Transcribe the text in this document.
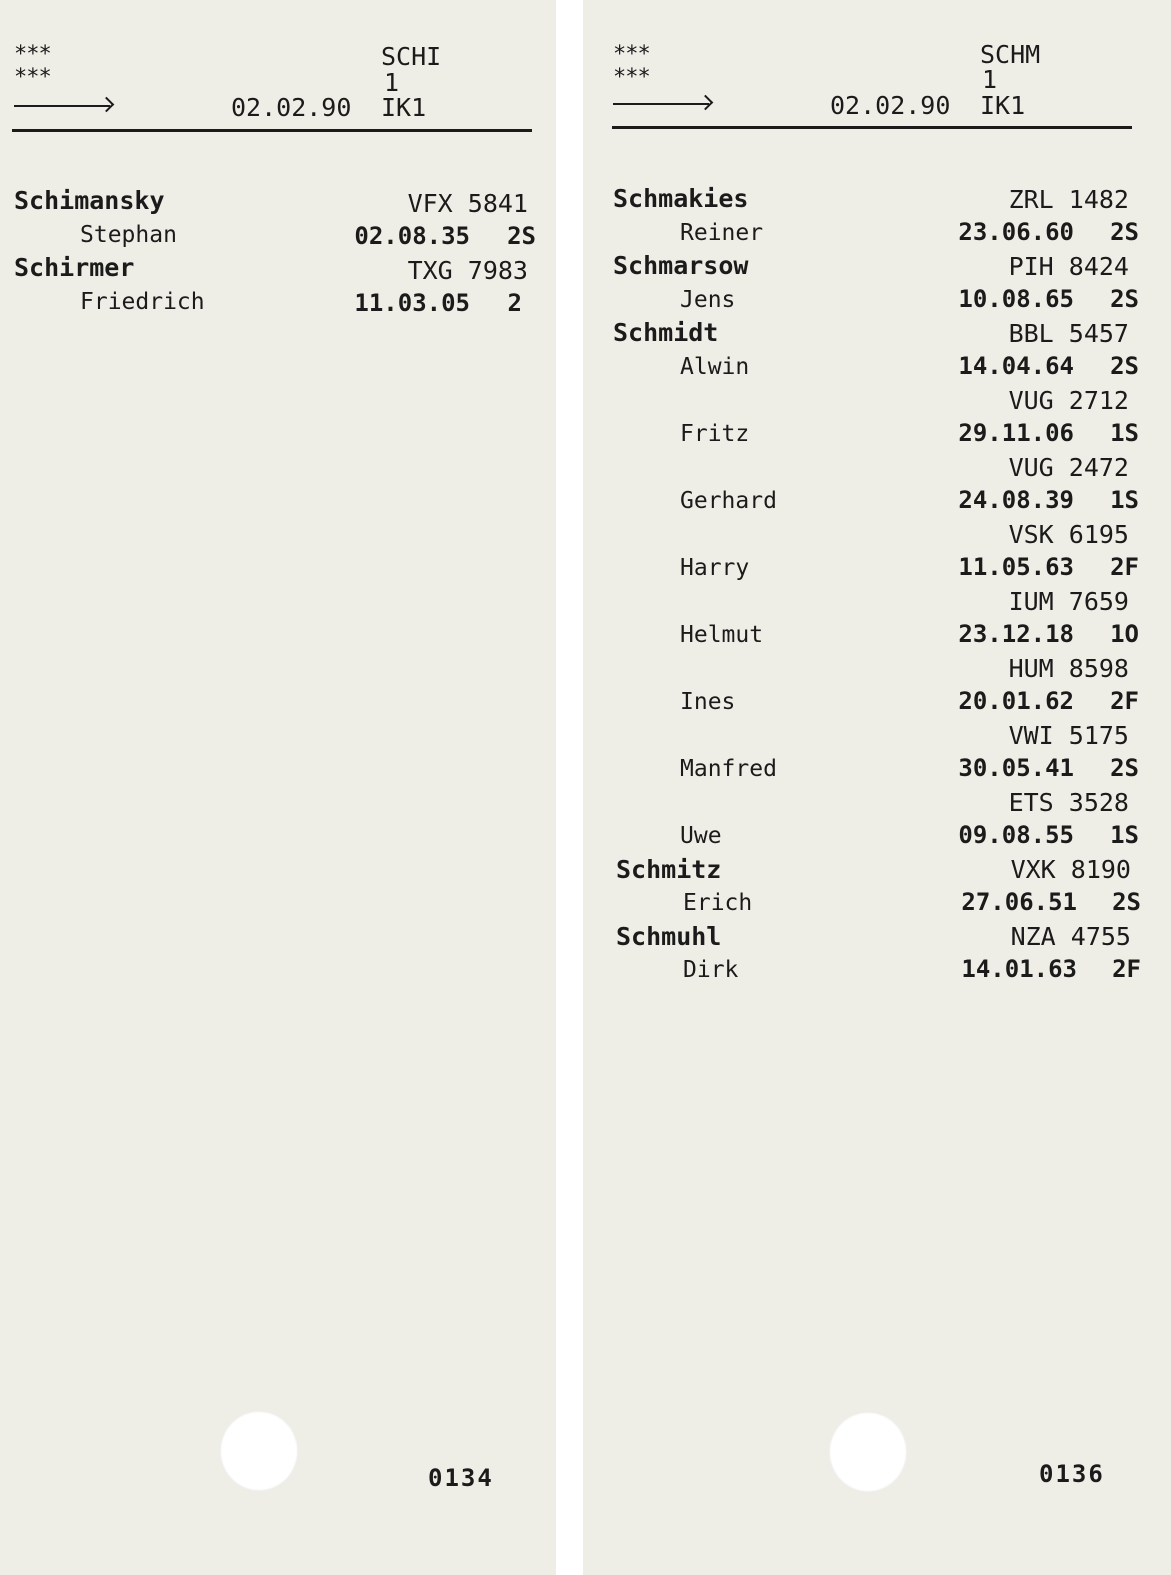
***
***
SCHI
1
02.02.90 IK1
Schimansky	VFX 5841
Stephan	02.08.35 2S
Schirmer	TXG 7983
Friedrich	11.03.05 2
0134
***
***
SCHM
1
02.02.90 IK1
Schmakies	ZRL 1482
Reiner	23.06.60 2S
Schmarsow	PIH 8424
Jens	10.08.65 2S
Schmidt	BBL 5457
Alwin	14.04.64 2S
VUG 2712
Fritz	29.11.06 1S
VUG 2472
Gerhard	24.08.39 1S
VSK 6195
Harry	11.05.63 2F
IUM 7659
Helmut	23.12.18 1O
HUM 8598
Ines	20.01.62 2F
VWI 5175
Manfred	30.05.41 2S
ETS 3528
Uwe	09.08.55 1S
Schmitz	VXK 8190
Erich	27.06.51 2S
Schmuhl	NZA 4755
Dirk	14.01.63 2F
0136
